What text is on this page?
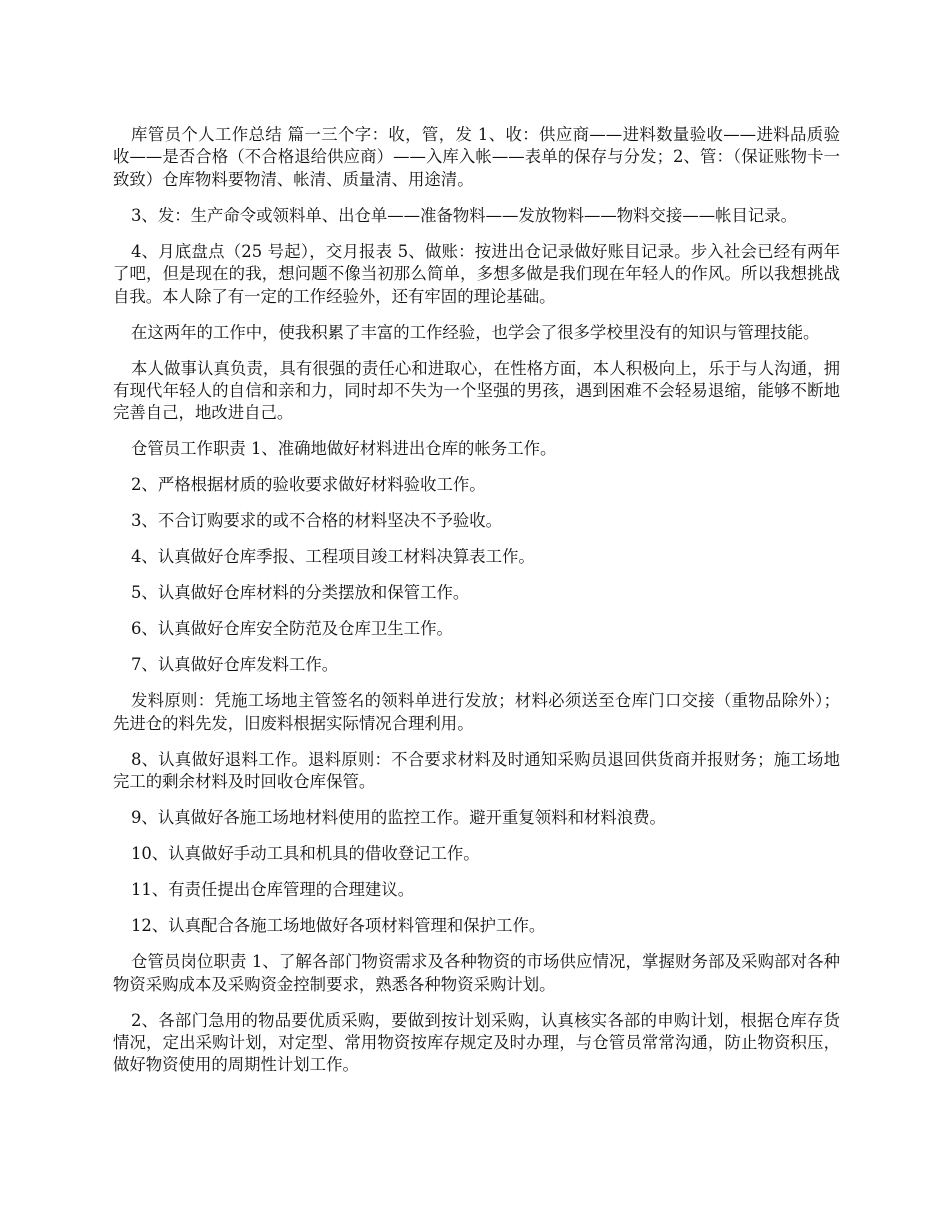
库管员个人工作总结 篇一三个字：收，管，发 1、收：供应商——进料数量验收——进料品质验收——是否合格（不合格退给供应商）——入库入帐——表单的保存与分发；2、管：（保证账物卡一致致）仓库物料要物清、帐清、质量清、用途清。

3、发：生产命令或领料单、出仓单——准备物料——发放物料——物料交接——帐目记录。

4、月底盘点（25 号起），交月报表 5、做账：按进出仓记录做好账目记录。步入社会已经有两年了吧，但是现在的我，想问题不像当初那么简单，多想多做是我们现在年轻人的作风。所以我想挑战自我。本人除了有一定的工作经验外，还有牢固的理论基础。

在这两年的工作中，使我积累了丰富的工作经验，也学会了很多学校里没有的知识与管理技能。

本人做事认真负责，具有很强的责任心和进取心，在性格方面，本人积极向上，乐于与人沟通，拥有现代年轻人的自信和亲和力，同时却不失为一个坚强的男孩，遇到困难不会轻易退缩，能够不断地完善自己，地改进自己。

仓管员工作职责 1、准确地做好材料进出仓库的帐务工作。

2、严格根据材质的验收要求做好材料验收工作。

3、不合订购要求的或不合格的材料坚决不予验收。

4、认真做好仓库季报、工程项目竣工材料决算表工作。

5、认真做好仓库材料的分类摆放和保管工作。

6、认真做好仓库安全防范及仓库卫生工作。

7、认真做好仓库发料工作。

发料原则：凭施工场地主管签名的领料单进行发放；材料必须送至仓库门口交接（重物品除外）；先进仓的料先发，旧废料根据实际情况合理利用。

8、认真做好退料工作。退料原则：不合要求材料及时通知采购员退回供货商并报财务；施工场地完工的剩余材料及时回收仓库保管。

9、认真做好各施工场地材料使用的监控工作。避开重复领料和材料浪费。

10、认真做好手动工具和机具的借收登记工作。

11、有责任提出仓库管理的合理建议。

12、认真配合各施工场地做好各项材料管理和保护工作。

仓管员岗位职责 1、了解各部门物资需求及各种物资的市场供应情况，掌握财务部及采购部对各种物资采购成本及采购资金控制要求，熟悉各种物资采购计划。

2、各部门急用的物品要优质采购，要做到按计划采购，认真核实各部的申购计划，根据仓库存货情况，定出采购计划，对定型、常用物资按库存规定及时办理，与仓管员常常沟通，防止物资积压，做好物资使用的周期性计划工作。
